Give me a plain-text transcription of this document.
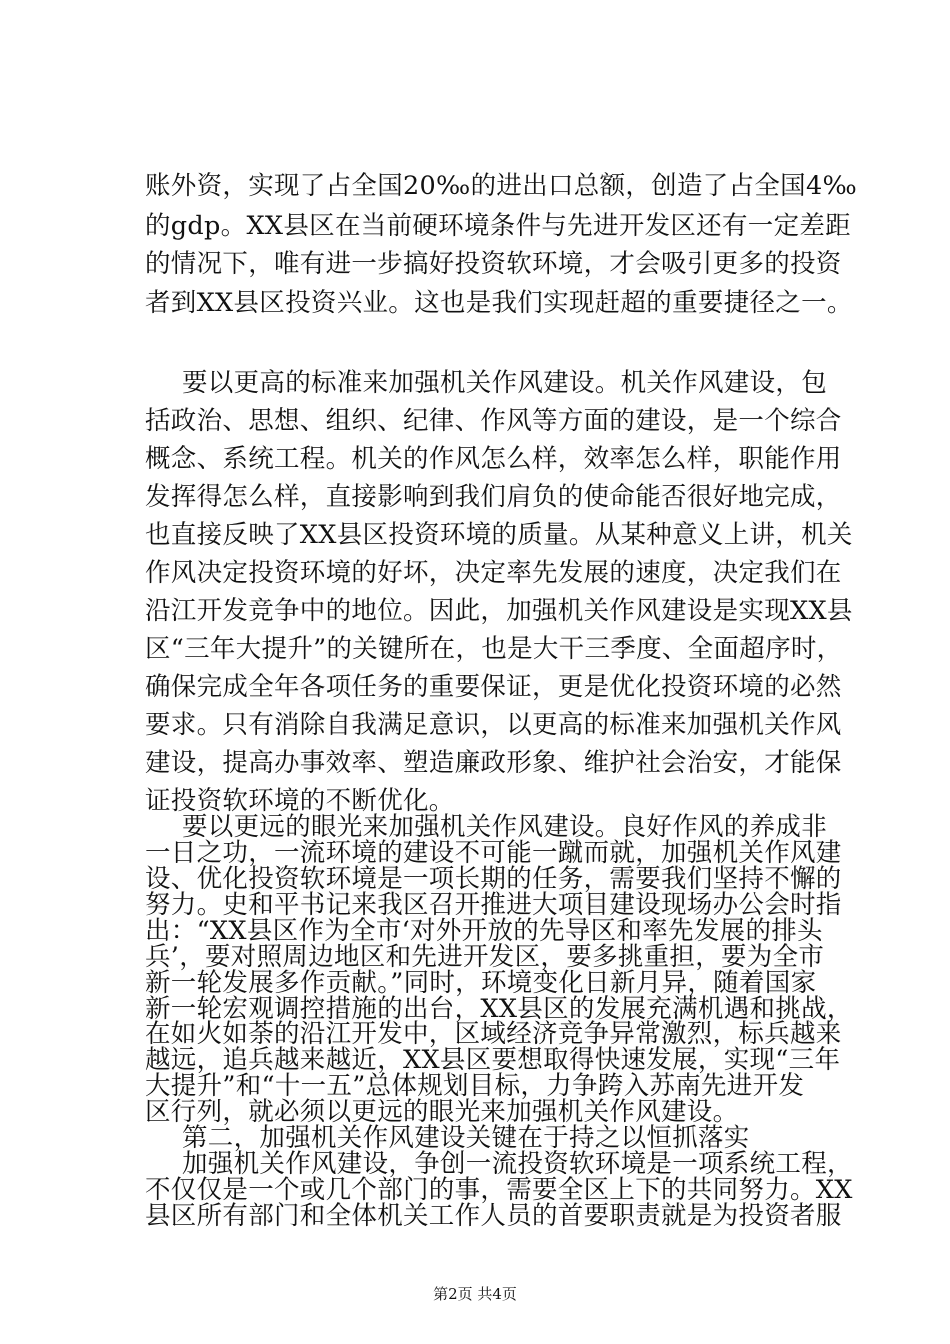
账外资，实现了占全国20‰的进出口总额，创造了占全国4‰
的gdp。XX县区在当前硬环境条件与先进开发区还有一定差距
的情况下，唯有进一步搞好投资软环境，才会吸引更多的投资
者到XX县区投资兴业。这也是我们实现赶超的重要捷径之一。
要以更高的标准来加强机关作风建设。机关作风建设，包
括政治、思想、组织、纪律、作风等方面的建设，是一个综合
概念、系统工程。机关的作风怎么样，效率怎么样，职能作用
发挥得怎么样，直接影响到我们肩负的使命能否很好地完成，
也直接反映了XX县区投资环境的质量。从某种意义上讲，机关
作风决定投资环境的好坏，决定率先发展的速度，决定我们在
沿江开发竞争中的地位。因此，加强机关作风建设是实现XX县
区“三年大提升”的关键所在，也是大干三季度、全面超序时，
确保完成全年各项任务的重要保证，更是优化投资环境的必然
要求。只有消除自我满足意识，以更高的标准来加强机关作风
建设，提高办事效率、塑造廉政形象、维护社会治安，才能保
证投资软环境的不断优化。
要以更远的眼光来加强机关作风建设。良好作风的养成非
一日之功，一流环境的建设不可能一蹴而就，加强机关作风建
设、优化投资软环境是一项长期的任务，需要我们坚持不懈的
努力。史和平书记来我区召开推进大项目建设现场办公会时指
出：“XX县区作为全市‘对外开放的先导区和率先发展的排头
兵’，要对照周边地区和先进开发区，要多挑重担，要为全市
新一轮发展多作贡献。”同时，环境变化日新月异，随着国家
新一轮宏观调控措施的出台，XX县区的发展充满机遇和挑战，
在如火如荼的沿江开发中，区域经济竞争异常激烈，标兵越来
越远，追兵越来越近，XX县区要想取得快速发展，实现“三年
大提升”和“十一五”总体规划目标，力争跨入苏南先进开发
区行列，就必须以更远的眼光来加强机关作风建设。
第二，加强机关作风建设关键在于持之以恒抓落实
加强机关作风建设，争创一流投资软环境是一项系统工程，
不仅仅是一个或几个部门的事，需要全区上下的共同努力。XX
县区所有部门和全体机关工作人员的首要职责就是为投资者服
第2页 共4页
